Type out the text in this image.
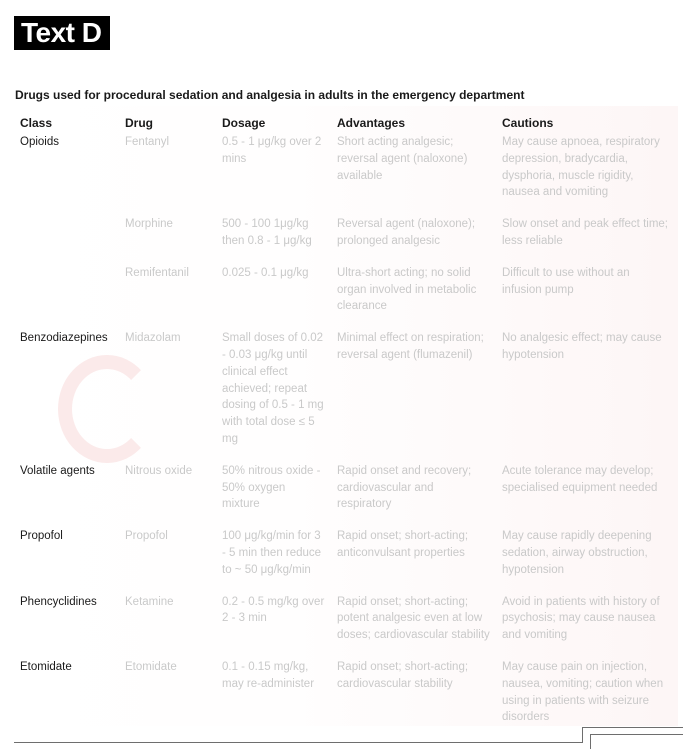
Text D
Drugs used for procedural sedation and analgesia in adults in the emergency department
Class	Drug	Dosage	Advantages	Cautions
Opioids	Fentanyl	0.5 - 1 μg/kg over 2 mins	Short acting analgesic; reversal agent (naloxone) available	May cause apnoea, respiratory depression, bradycardia, dysphoria, muscle rigidity, nausea and vomiting
	Morphine	500 - 100 1μg/kg then 0.8 - 1 μg/kg	Reversal agent (naloxone); prolonged analgesic	Slow onset and peak effect time; less reliable
	Remifentanil	0.025 - 0.1 μg/kg	Ultra-short acting; no solid organ involved in metabolic clearance	Difficult to use without an infusion pump
Benzodiazepines	Midazolam	Small doses of 0.02 - 0.03 μg/kg until clinical effect achieved; repeat dosing of 0.5 - 1 mg with total dose ≤ 5 mg	Minimal effect on respiration; reversal agent (flumazenil)	No analgesic effect; may cause hypotension
Volatile agents	Nitrous oxide	50% nitrous oxide - 50% oxygen mixture	Rapid onset and recovery; cardiovascular and respiratory	Acute tolerance may develop; specialised equipment needed
Propofol	Propofol	100 μg/kg/min for 3 - 5 min then reduce to ~ 50 μg/kg/min	Rapid onset; short-acting; anticonvulsant properties	May cause rapidly deepening sedation, airway obstruction, hypotension
Phencyclidines	Ketamine	0.2 - 0.5 mg/kg over 2 - 3 min	Rapid onset; short-acting; potent analgesic even at low doses; cardiovascular stability	Avoid in patients with history of psychosis; may cause nausea and vomiting
Etomidate	Etomidate	0.1 - 0.15 mg/kg, may re-administer	Rapid onset; short-acting; cardiovascular stability	May cause pain on injection, nausea, vomiting; caution when using in patients with seizure disorders
